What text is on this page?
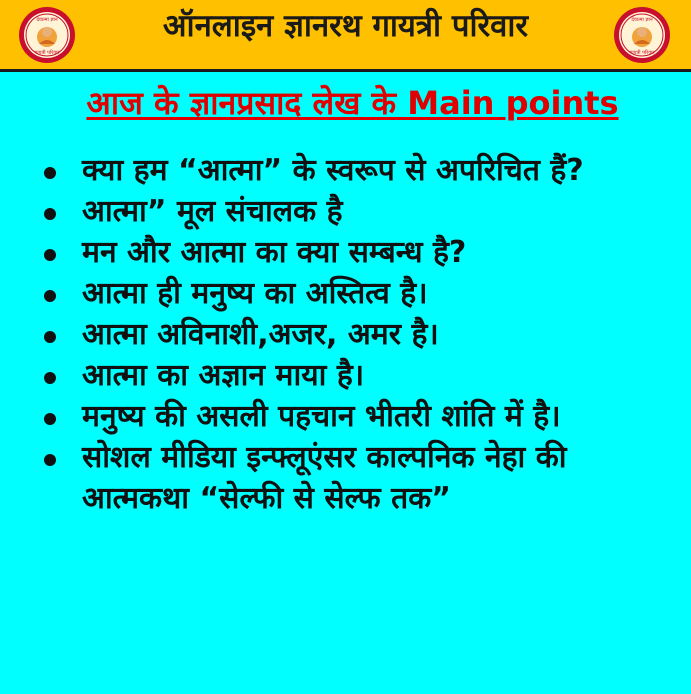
देवात्मा ज्ञान
गायत्री परिवार
ऑनलाइन ज्ञानरथ गायत्री परिवार	देवात्मा ज्ञान
गायत्री परिवार
आज के ज्ञानप्रसाद लेख के Main points
क्या हम “आत्मा” के स्वरूप से अपरिचित हैं?
आत्मा” मूल संचालक है
मन और आत्मा का क्या सम्बन्ध है?
आत्मा ही मनुष्य का अस्तित्व है।
आत्मा अविनाशी,अजर, अमर है।
आत्मा का अज्ञान माया है।
मनुष्य की असली पहचान भीतरी शांति में है।
सोशल मीडिया इन्फ्लूएंसर काल्पनिक नेहा की आत्मकथा “सेल्फी से सेल्फ तक”
